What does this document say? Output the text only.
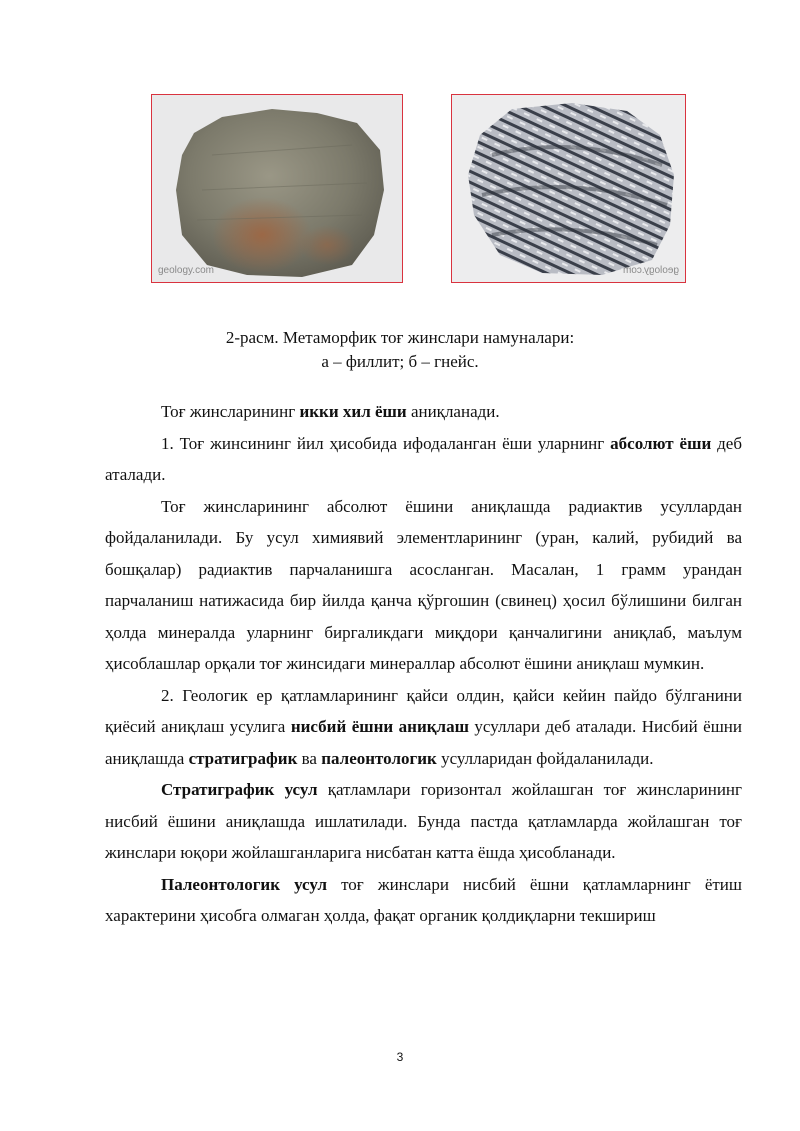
geology.com	geology.com
2-расм. Метаморфик тоғ жинслари намуналари:
а – филлит; б – гнейс.

Тоғ жинсларининг икки хил ёши аниқланади.

1. Тоғ жинсининг йил ҳисобида ифодаланган ёши уларнинг абсолют ёши деб аталади.

Тоғ жинсларининг абсолют ёшини аниқлашда радиактив усуллардан фойдаланилади. Бу усул химиявий элементларининг (уран, калий, рубидий ва бошқалар) радиактив парчаланишга асосланган. Масалан, 1 грамм урандан парчаланиш натижасида бир йилда қанча қўргошин (свинец) ҳосил бўлишини билган ҳолда минералда уларнинг биргаликдаги миқдори қанчалигини аниқлаб, маълум ҳисоблашлар орқали тоғ жинсидаги минераллар абсолют ёшини аниқлаш мумкин.

2. Геологик ер қатламларининг қайси олдин, қайси кейин пайдо бўлганини қиёсий аниқлаш усулига нисбий ёшни аниқлаш усуллари деб аталади. Нисбий ёшни аниқлашда стратиграфик ва палеонтологик усулларидан фойдаланилади.

Стратиграфик усул қатламлари горизонтал жойлашган тоғ жинсларининг нисбий ёшини аниқлашда ишлатилади. Бунда пастда қатламларда жойлашган тоғ жинслари юқори жойлашганларига нисбатан катта ёшда ҳисобланади.

Палеонтологик усул тоғ жинслари нисбий ёшни қатламларнинг ётиш характерини ҳисобга олмаган ҳолда, фақат органик қолдиқларни текшириш

3
